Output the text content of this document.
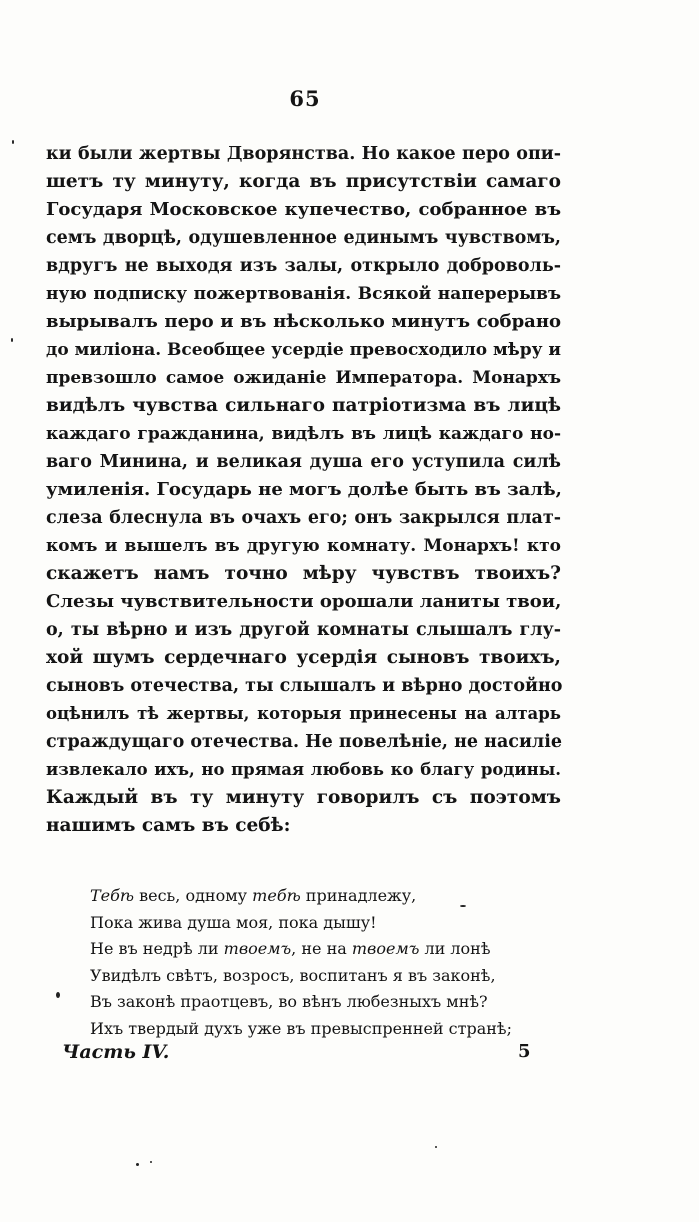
65
ки были жертвы Дворянства. Но какое перо опи-
шетъ ту минуту, когда въ присутствіи самаго
Государя Московское купечество, собранное въ
семъ дворцѣ, одушевленное единымъ чувствомъ,
вдругъ не выходя изъ залы, открыло доброволь-
ную подписку пожертвованія. Всякой наперерывъ
вырывалъ перо и въ нѣсколько минутъ собрано
до миліона. Всеобщее усердіе превосходило мѣру и
превзошло самое ожиданіе Императора. Монархъ
видѣлъ чувства сильнаго патріотизма въ лицѣ
каждаго гражданина, видѣлъ въ лицѣ каждаго но-
ваго Минина, и великая душа его уступила силѣ
умиленія. Государь не могъ долѣе быть въ залѣ,
слеза блеснула въ очахъ его; онъ закрылся плат-
комъ и вышелъ въ другую комнату. Монархъ! кто
скажетъ намъ точно мѣру чувствъ твоихъ?
Слезы чувствительности орошали ланиты твои,
о, ты вѣрно и изъ другой комнаты слышалъ глу-
хой шумъ сердечнаго усердія сыновъ твоихъ,
сыновъ отечества, ты слышалъ и вѣрно достойно
оцѣнилъ тѣ жертвы, которыя принесены на алтарь
страждущаго отечества. Не повелѣніе, не насиліе
извлекало ихъ, но прямая любовь ко благу родины.
Каждый въ ту минуту говорилъ съ поэтомъ
нашимъ самъ въ себѣ:
Тебѣ весь, одному тебѣ принадлежу,
Пока жива душа моя, пока дышу!
Не въ недрѣ ли твоемъ, не на твоемъ ли лонѣ
Увидѣлъ свѣтъ, возросъ, воспитанъ я въ законѣ,
Въ законѣ праотцевъ, во вѣнъ любезныхъ мнѣ?
Ихъ твердый духъ уже въ превыспренней странѣ;
Часть IV.	5
